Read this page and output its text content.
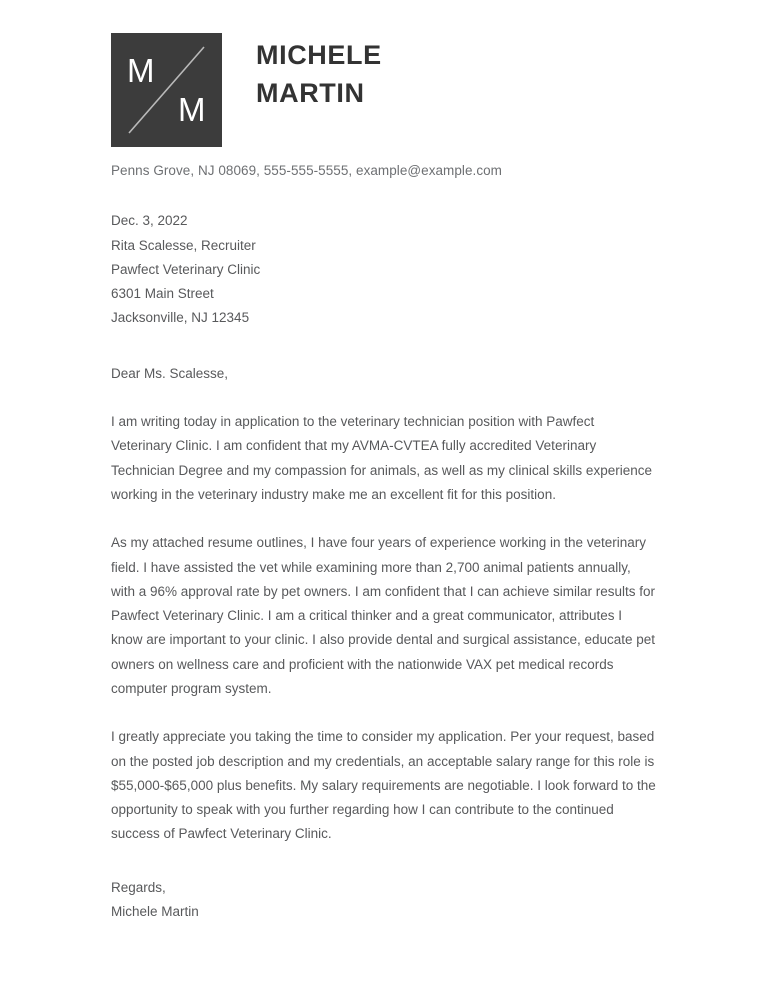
M
M
MICHELE
MARTIN
Penns Grove, NJ 08069, 555-555-5555, example@example.com
Dec. 3, 2022
Rita Scalesse, Recruiter
Pawfect Veterinary Clinic
6301 Main Street
Jacksonville, NJ 12345
Dear Ms. Scalesse,
I am writing today in application to the veterinary technician position with Pawfect Veterinary Clinic. I am confident that my AVMA-CVTEA fully accredited Veterinary Technician Degree and my compassion for animals, as well as my clinical skills experience working in the veterinary industry make me an excellent fit for this position.
As my attached resume outlines, I have four years of experience working in the veterinary field. I have assisted the vet while examining more than 2,700 animal patients annually, with a 96% approval rate by pet owners. I am confident that I can achieve similar results for Pawfect Veterinary Clinic. I am a critical thinker and a great communicator, attributes I know are important to your clinic. I also provide dental and surgical assistance, educate pet owners on wellness care and proficient with the nationwide VAX pet medical records computer program system.
I greatly appreciate you taking the time to consider my application. Per your request, based on the posted job description and my credentials, an acceptable salary range for this role is $55,000-$65,000 plus benefits. My salary requirements are negotiable. I look forward to the opportunity to speak with you further regarding how I can contribute to the continued success of Pawfect Veterinary Clinic.
Regards,
Michele Martin
